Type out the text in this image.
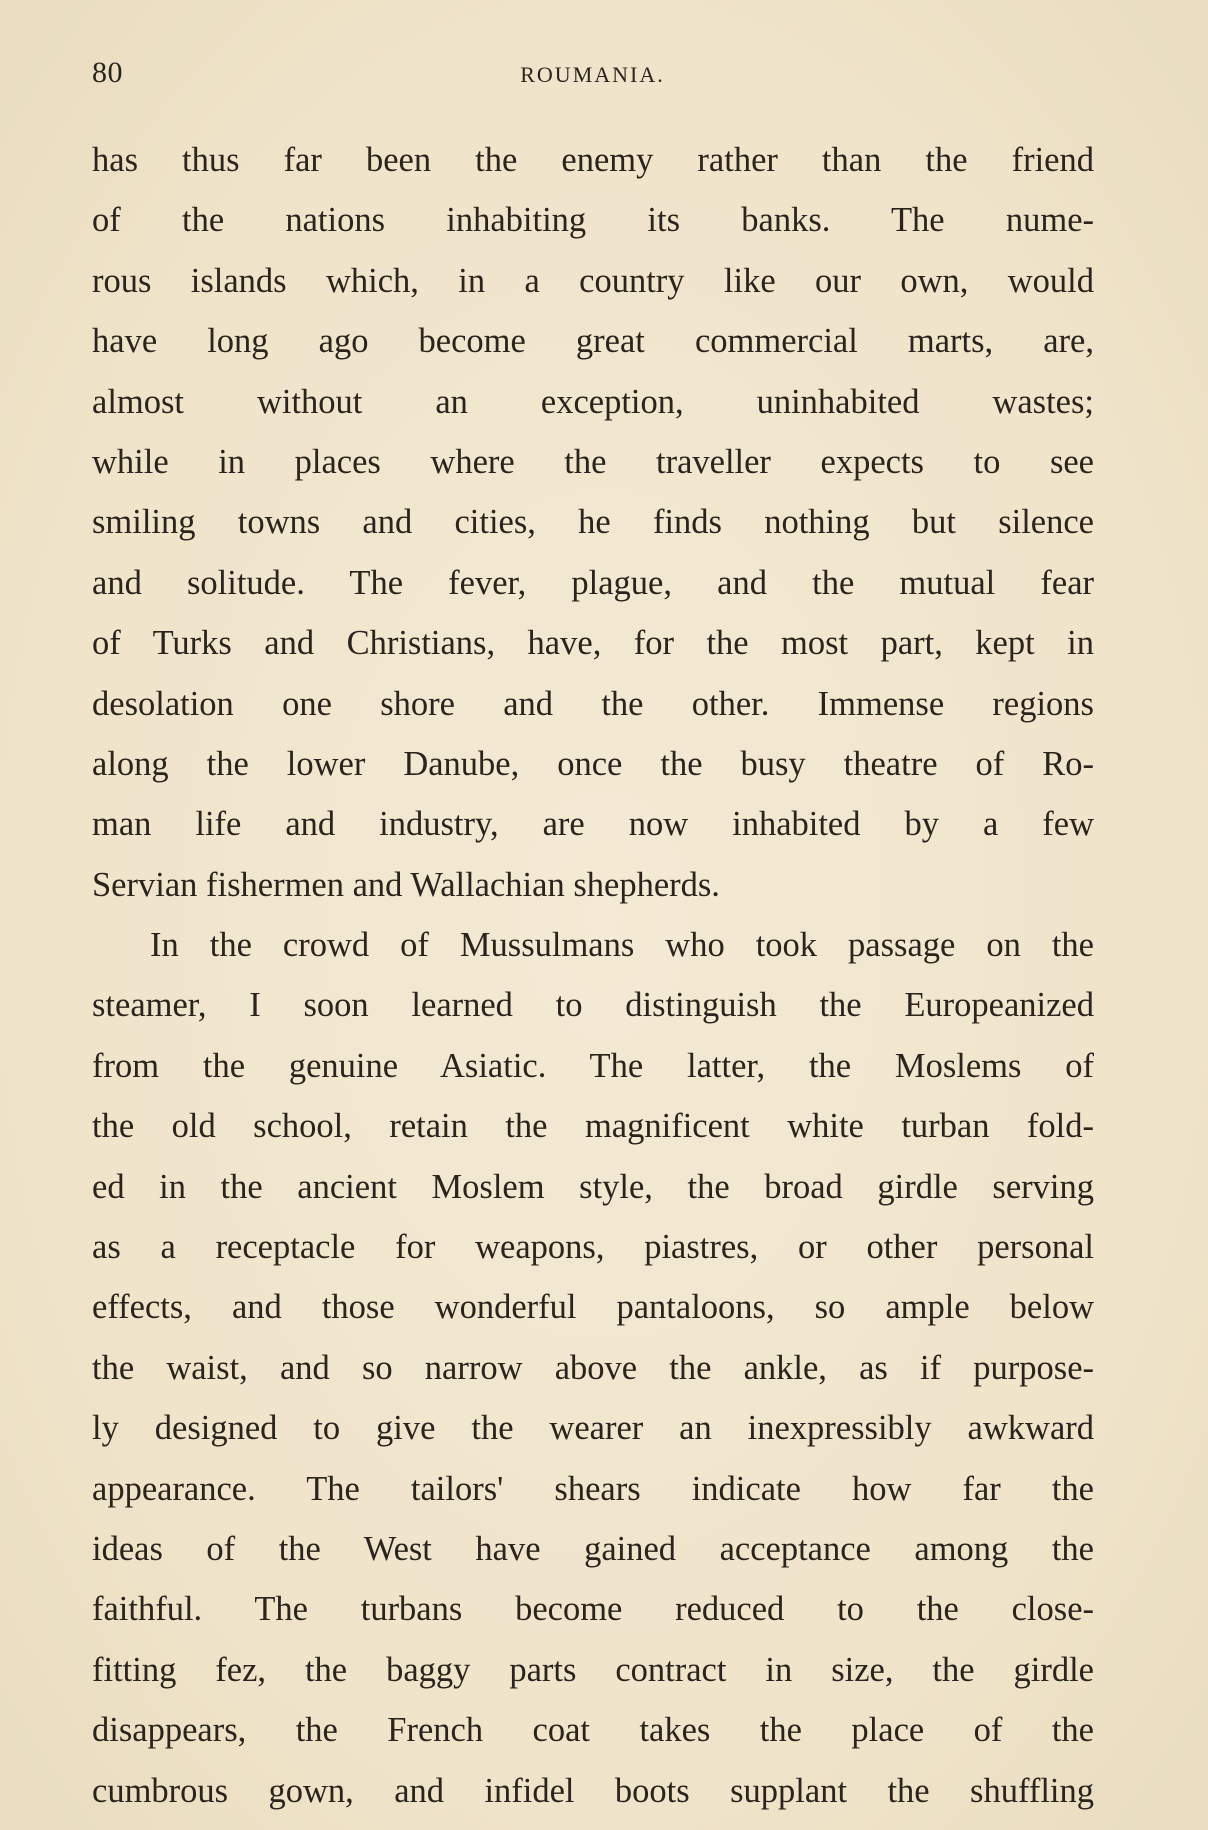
80	ROUMANIA.
has thus far been the enemy rather than the friend
of the nations inhabiting its banks. The nume-
rous islands which, in a country like our own, would
have long ago become great commercial marts, are,
almost without an exception, uninhabited wastes;
while in places where the traveller expects to see
smiling towns and cities, he finds nothing but silence
and solitude. The fever, plague, and the mutual fear
of Turks and Christians, have, for the most part, kept in
desolation one shore and the other. Immense regions
along the lower Danube, once the busy theatre of Ro-
man life and industry, are now inhabited by a few
Servian fishermen and Wallachian shepherds.
In the crowd of Mussulmans who took passage on the
steamer, I soon learned to distinguish the Europeanized
from the genuine Asiatic. The latter, the Moslems of
the old school, retain the magnificent white turban fold-
ed in the ancient Moslem style, the broad girdle serving
as a receptacle for weapons, piastres, or other personal
effects, and those wonderful pantaloons, so ample below
the waist, and so narrow above the ankle, as if purpose-
ly designed to give the wearer an inexpressibly awkward
appearance. The tailors' shears indicate how far the
ideas of the West have gained acceptance among the
faithful. The turbans become reduced to the close-
fitting fez, the baggy parts contract in size, the girdle
disappears, the French coat takes the place of the
cumbrous gown, and infidel boots supplant the shuffling
